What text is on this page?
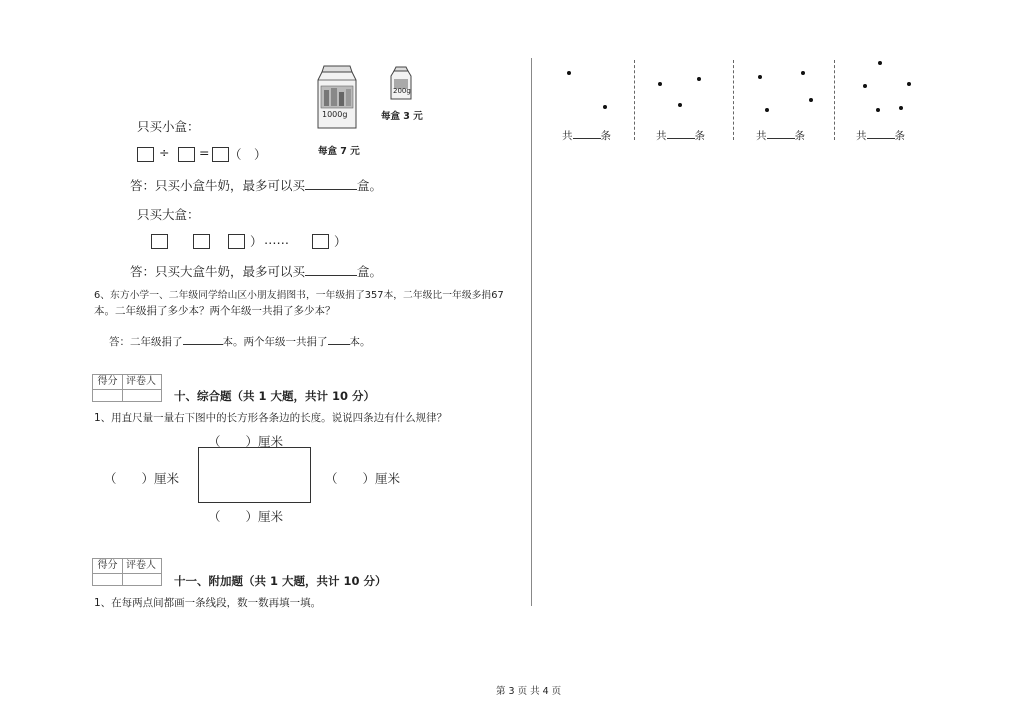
1000g
每盒 7 元
200g
每盒 3 元
只买小盒：
÷ = （　）
答：只买小盒牛奶，最多可以买	盒。
只买大盒：
） ……	）
答：只买大盒牛奶，最多可以买	盒。
6、东方小学一、二年级同学给山区小朋友捐图书，一年级捐了357本，二年级比一年级多捐67
本。二年级捐了多少本？两个年级一共捐了多少本？
答：二年级捐了	本。两个年级一共捐了 本。
得分 评卷人
十、综合题（共 1 大题，共计 10 分）
1、用直尺量一量右下图中的长方形各条边的长度。说说四条边有什么规律？
（　　）厘米
（　　）厘米	（　　）厘米
（　　）厘米
得分 评卷人
十一、附加题（共 1 大题，共计 10 分）
1、在每两点间都画一条线段，数一数再填一填。
共	条	共	条	共	条	共	条
第 3 页 共 4 页
